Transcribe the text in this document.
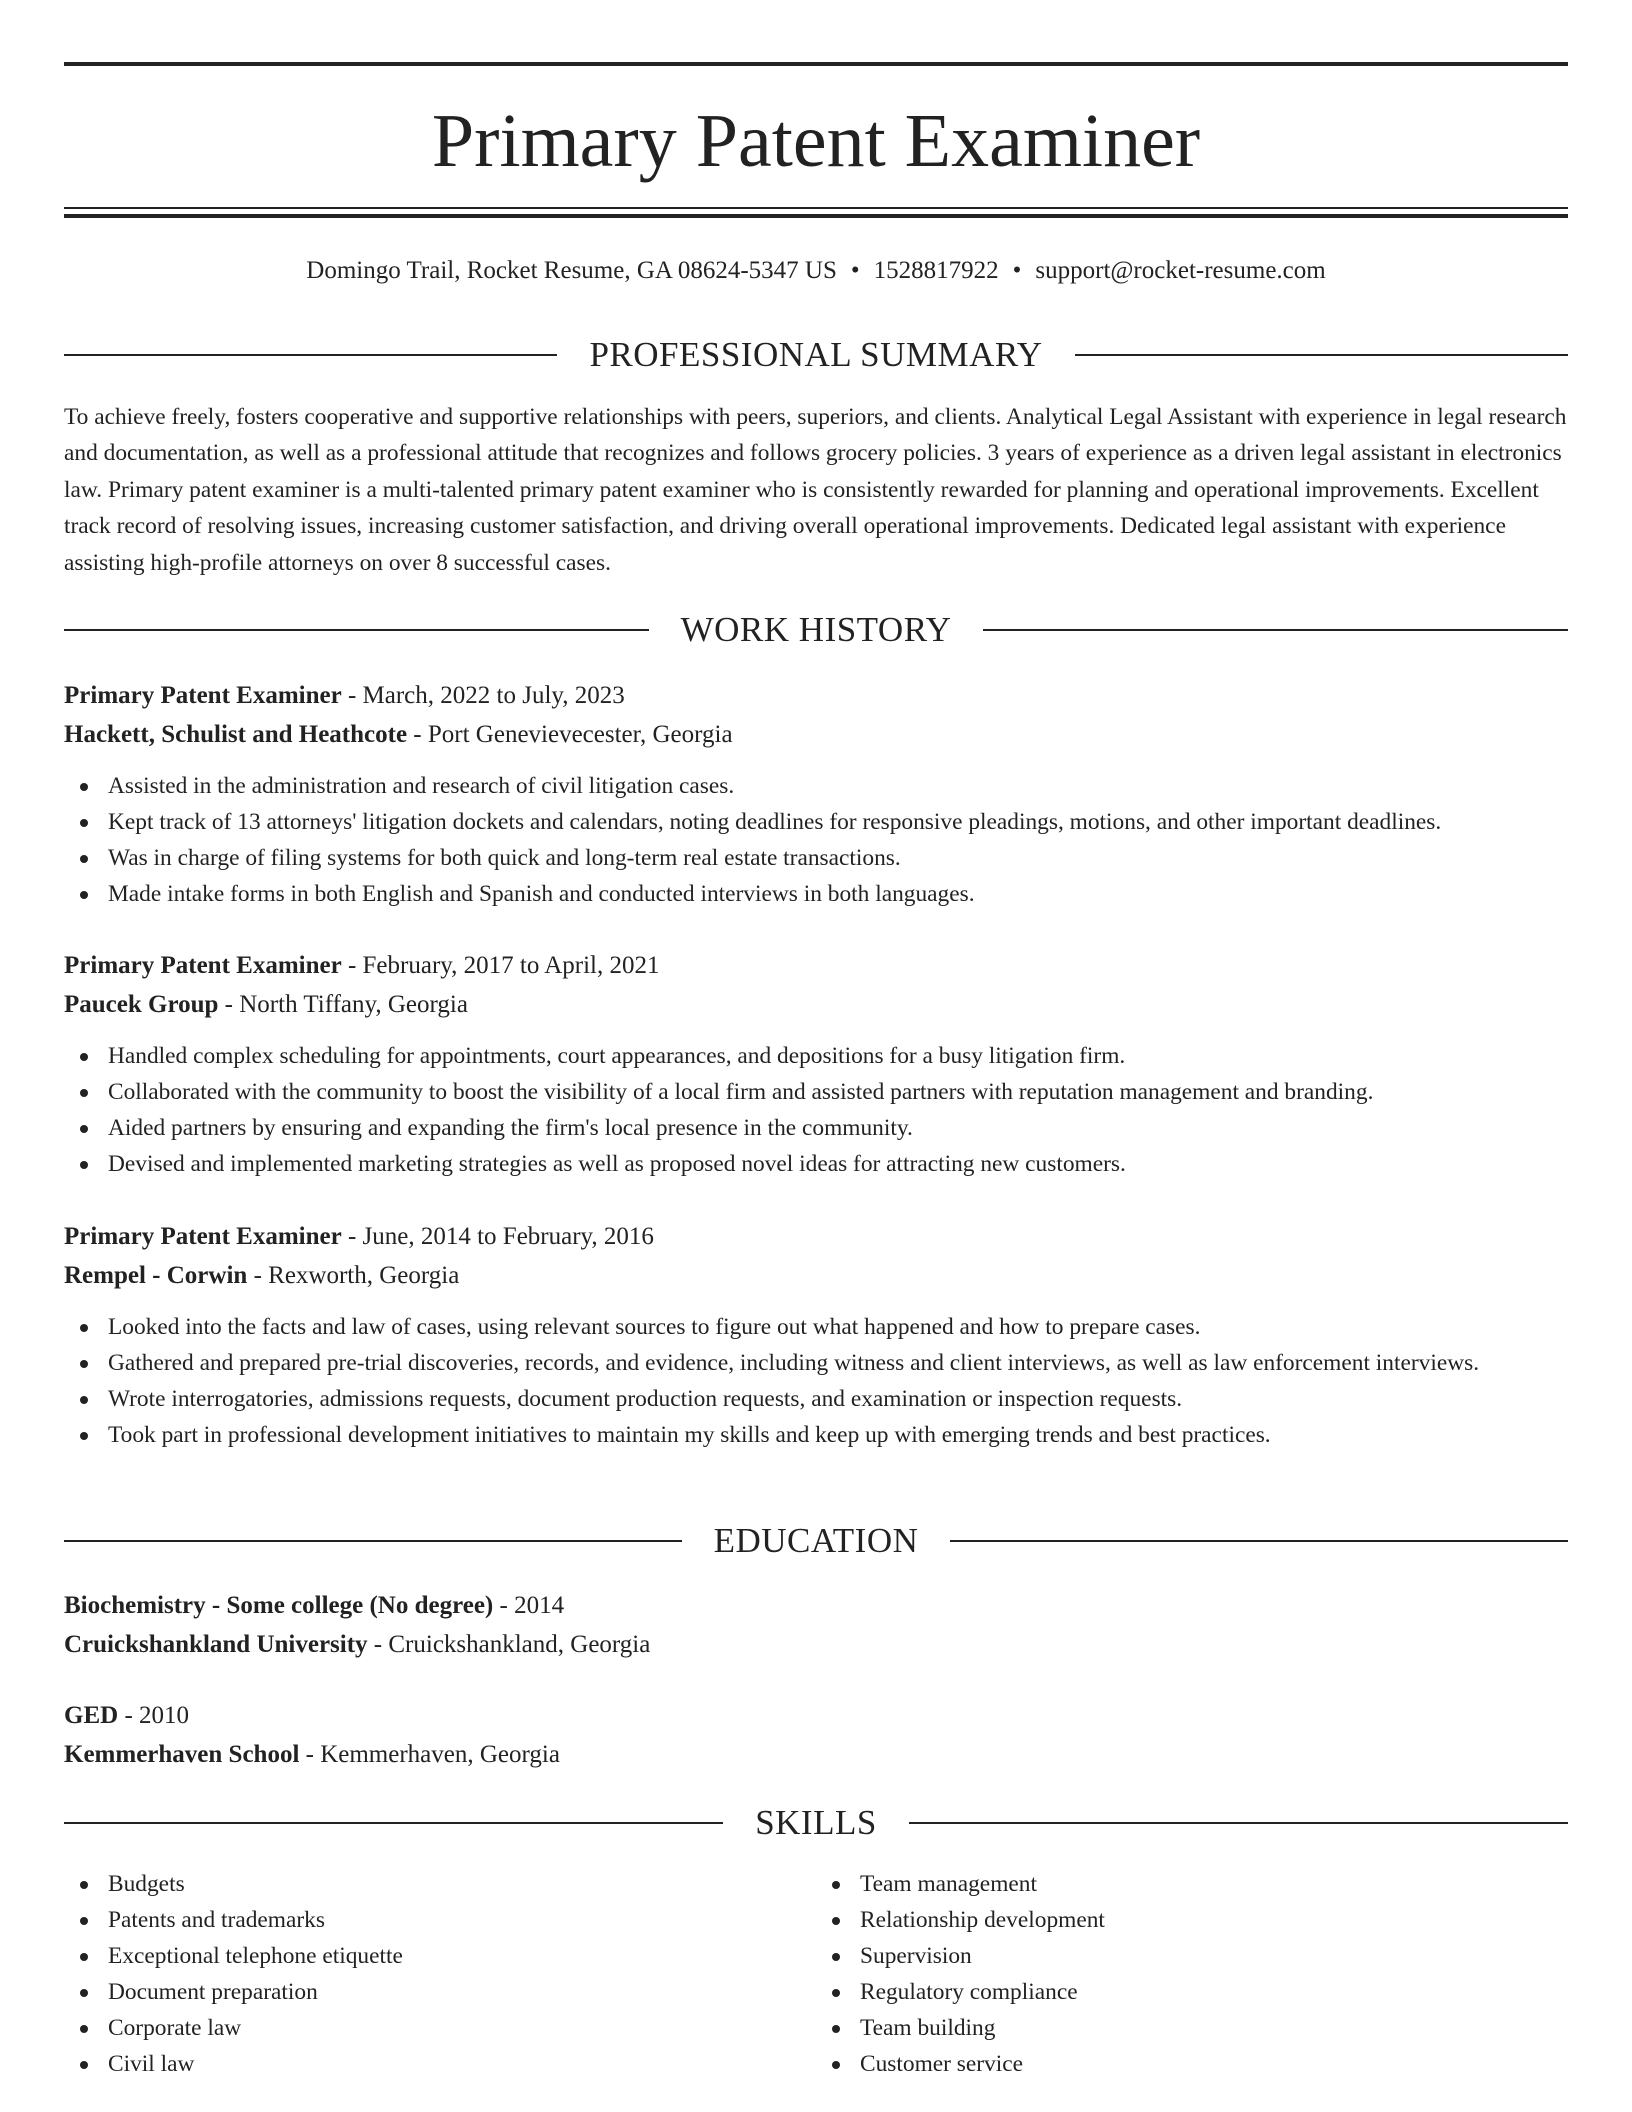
Primary Patent Examiner
Domingo Trail, Rocket Resume, GA 08624-5347 US • 1528817922 • support@rocket-resume.com
PROFESSIONAL SUMMARY

To achieve freely, fosters cooperative and supportive relationships with peers, superiors, and clients. Analytical Legal Assistant with experience in legal research and documentation, as well as a professional attitude that recognizes and follows grocery policies. 3 years of experience as a driven legal assistant in electronics law. Primary patent examiner is a multi-talented primary patent examiner who is consistently rewarded for planning and operational improvements. Excellent track record of resolving issues, increasing customer satisfaction, and driving overall operational improvements. Dedicated legal assistant with experience assisting high-profile attorneys on over 8 successful cases.

WORK HISTORY
Primary Patent Examiner - March, 2022 to July, 2023
Hackett, Schulist and Heathcote - Port Genevievecester, Georgia
Assisted in the administration and research of civil litigation cases.
Kept track of 13 attorneys' litigation dockets and calendars, noting deadlines for responsive pleadings, motions, and other important deadlines.
Was in charge of filing systems for both quick and long-term real estate transactions.
Made intake forms in both English and Spanish and conducted interviews in both languages.
Primary Patent Examiner - February, 2017 to April, 2021
Paucek Group - North Tiffany, Georgia
Handled complex scheduling for appointments, court appearances, and depositions for a busy litigation firm.
Collaborated with the community to boost the visibility of a local firm and assisted partners with reputation management and branding.
Aided partners by ensuring and expanding the firm's local presence in the community.
Devised and implemented marketing strategies as well as proposed novel ideas for attracting new customers.
Primary Patent Examiner - June, 2014 to February, 2016
Rempel - Corwin - Rexworth, Georgia
Looked into the facts and law of cases, using relevant sources to figure out what happened and how to prepare cases.
Gathered and prepared pre-trial discoveries, records, and evidence, including witness and client interviews, as well as law enforcement interviews.
Wrote interrogatories, admissions requests, document production requests, and examination or inspection requests.
Took part in professional development initiatives to maintain my skills and keep up with emerging trends and best practices.
EDUCATION
Biochemistry - Some college (No degree) - 2014
Cruickshankland University - Cruickshankland, Georgia
GED - 2010
Kemmerhaven School - Kemmerhaven, Georgia
SKILLS
Budgets
Patents and trademarks
Exceptional telephone etiquette
Document preparation
Corporate law
Civil law
Team management
Relationship development
Supervision
Regulatory compliance
Team building
Customer service
